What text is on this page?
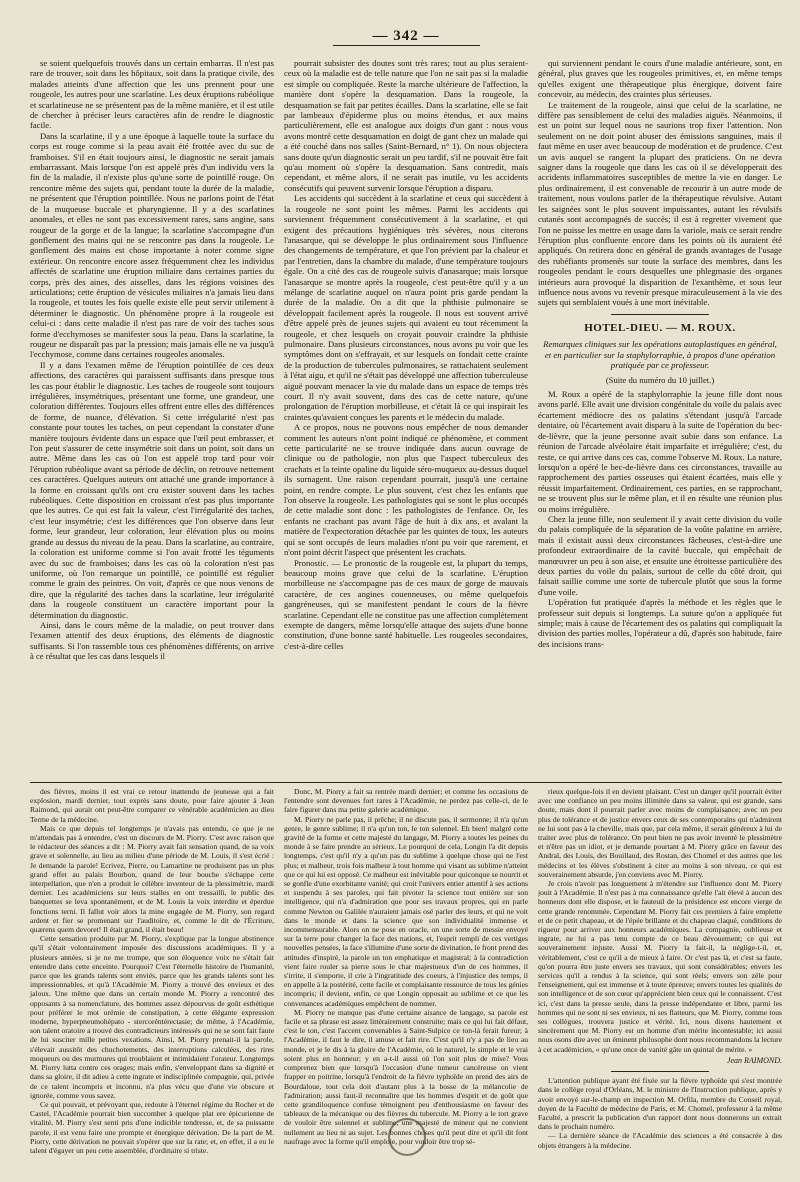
— 342 —

se soient quelquefois trouvés dans un certain embarras. Il n'est pas rare de trouver, soit dans les hôpitaux, soit dans la pratique civile, des malades atteints d'une affection que les uns prennent pour une rougeole, les autres pour une scarlatine. Les deux éruptions rubéolique et scarlatineuse ne se présentent pas de la même manière, et il est utile de chercher à préciser leurs caractères afin de rendre le diagnostic facile.

Dans la scarlatine, il y a une époque à laquelle toute la surface du corps est rouge comme si la peau avait été frottée avec du suc de framboises. S'il en était toujours ainsi, le diagnostic ne serait jamais embarrassant. Mais lorsque l'on est appelé près d'un individu vers la fin de la maladie, il n'existe plus qu'une sorte de pointillé rouge. On rencontre même des sujets qui, pendant toute la durée de la maladie, ne présentent que l'éruption pointillée. Nous ne parlons point de l'état de la muqueuse buccale et pharyngienne. Il y a des scarlatines anomales, et elles ne sont pas excessivement rares, sans angine, sans rougeur de la gorge et de la langue; la scarlatine s'accompagne d'un gonflement des mains qui ne se rencontre pas dans la rougeole. Le gonflement des mains est chose importante à noter comme signe extérieur. On rencontre encore assez fréquemment chez les individus affectés de scarlatine une éruption miliaire dans certaines parties du corps, près des aines, des aisselles, dans les régions voisines des articulations; cette éruption de vésicules miliaires n'a jamais lieu dans la rougeole, et toutes les fois quelle existe elle peut servir utilement à déterminer le diagnostic. Un phénomène propre à la rougeole est celui-ci : dans cette maladie il n'est pas rare de voir des taches sous forme d'ecchymoses se manifester sous la peau. Dans la scarlatine, la rougeur ne disparaît pas par la pression; mais jamais elle ne va jusqu'à l'ecchymose, comme dans certaines rougeoles anomales.

Il y a dans l'examen même de l'éruption pointillée de ces deux affections, des caractères qui paraissent suffisants dans presque tous les cas pour établir le diagnostic. Les taches de rougeole sont toujours irrégulières, insymétriques, présentant une forme, une grandeur, une coloration différentes. Toujours elles offrent entre elles des différences de forme, de nuance, d'élévation. Si cette irrégularité n'est pas constante pour toutes les taches, on peut cependant la constater d'une manière toujours évidente dans un espace que l'œil peut embrasser, et l'on peut s'assurer de cette insymétrie soit dans un point, soit dans un autre. Même dans les cas où l'on est appelé trop tard pour voir l'éruption rubéolique avant sa période de déclin, on retrouve nettement ces caractères. Quelques auteurs ont attaché une grande importance à la forme en croissant qu'ils ont cru exister souvent dans les taches rubéoliques. Cette disposition en croissant n'est pas plus importante que les autres. Ce qui est fait la valeur, c'est l'irrégularité des taches, c'est leur insymétrie; c'est les différences que l'on observe dans leur forme, leur grandeur, leur coloration, leur élévation plus ou moins grande au dessus du niveau de la peau. Dans la scarlatine, au contraire, la coloration est uniforme comme si l'on avait frotté les téguments avec du suc de framboises; dans les cas où la coloration n'est pas uniforme, où l'on remarque un pointillé, ce pointillé est régulier comme le grain des peintres. On voit, d'après ce que nous venons de dire, que la régularité des taches dans la scarlatine, leur irrégularité dans la rougeole constituent un caractère important pour la détermination du diagnostic.

Ainsi, dans le cours même de la maladie, on peut trouver dans l'examen attentif des deux éruptions, des éléments de diagnostic suffisants. Si l'on rassemble tous ces phénomènes différents, on arrive à ce résultat que les cas dans lesquels il

pourrait subsister des doutes sont très rares; tout au plus seraient-ceux où la maladie est de telle nature que l'on ne sait pas si la maladie est simple ou compliquée. Reste la marche ultérieure de l'affection, la manière dont s'opère la desquamation. Dans la rougeole, la desquamation se fait par petites écailles. Dans la scarlatine, elle se fait par lambeaux d'épiderme plus ou moins étendus, et aux mains particulièrement, elle est analogue aux doigts d'un gant : nous vous avons montré cette desquamation en doigt de gant chez un malade qui a été couché dans nos salles (Saint-Bernard, n° 1). On nous objectera sans doute qu'un diagnostic serait un peu tardif, s'il ne pouvait être fait qu'au moment où s'opère la desquamation. Sans contredit, mais cependant, et même alors, il ne serait pas inutile, vu les accidents consécutifs qui peuvent survenir lorsque l'éruption a disparu.

Les accidents qui succèdent à la scarlatine et ceux qui succèdent à la rougeole ne sont point les mêmes. Parmi les accidents qui surviennent fréquemment consécutivement à la scarlatine, et qui exigent des précautions hygiéniques très sévères, nous citerons l'anasarque, qui se développe le plus ordinairement sous l'influence des changements de température, et que l'on prévient par la chaleur et par l'entretien, dans la chambre du malade, d'une température toujours égale. On a cité des cas de rougeole suivis d'anasarque; mais lorsque l'anasarque se montre après la rougeole, c'est peut-être qu'il y a un mélange de scarlatine auquel on n'aura point pris garde pendant la durée de la maladie. On a dit que la phthisie pulmonaire se développait facilement après la rougeole. Il nous est souvent arrivé d'être appelé près de jeunes sujets qui avaient eu tout récemment la rougeole, et chez lesquels on croyait pouvoir craindre la phthisie pulmonaire. Dans plusieurs circonstances, nous avons pu voir que les symptômes dont on s'effrayait, et sur lesquels on fondait cette crainte de la production de tubercules pulmonaires, se rattachaient seulement à l'état aigu, et qu'il ne s'était pas développé une affection tuberculeuse aiguë pouvant menacer la vie du malade dans un espace de temps très court. Il n'y avait souvent, dans des cas de cette nature, qu'une prolongation de l'éruption morbilleuse, et c'était là ce qui inspirait les craintes qu'avaient conçues les parents et le médecin du malade.

A ce propos, nous ne pouvons nous empêcher de nous demander comment les auteurs n'ont point indiqué ce phénomène, et comment cette particularité ne se trouve indiquée dans aucun ouvrage de clinique ou de pathologie, non plus que l'aspect tuberculeux des crachats et la teinte opaline du liquide séro-muqueux au-dessus duquel ils surnagent. Une raison cependant pourrait, jusqu'à une certaine point, en rendre compte. Le plus souvent, c'est chez les enfants que l'on observe la rougeole. Les pathologistes qui se sont le plus occupés de cette maladie sont donc : les pathologistes de l'enfance. Or, les enfants ne crachant pas avant l'âge de huit à dix ans, et avalant la matière de l'expectoration détachée par les quintes de toux, les auteurs qui se sont occupés de leurs maladies n'ont pu voir que rarement, et n'ont point décrit l'aspect que présentent les crachats.

Pronostic. — Le pronostic de la rougeole est, la plupart du temps, beaucoup moins grave que celui de la scarlatine. L'éruption morbilleuse ne s'accompagne pas de ces maux de gorge de mauvais caractère, de ces angines couenneuses, ou même quelquefois gangréneuses, qui se manifestent pendant le cours de la fièvre scarlatine. Cependant elle ne constitue pas une affection complètement exempte de dangers, même lorsqu'elle attaque des sujets d'une bonne constitution, d'une bonne santé habituelle. Les rougeoles secondaires, c'est-à-dire celles

qui surviennent pendant le cours d'une maladie antérieure, sont, en général, plus graves que les rougeoles primitives, et, en même temps qu'elles exigent une thérapeutique plus énergique, doivent faire concevoir, au médecin, des craintes plus sérieuses.

Le traitement de la rougeole, ainsi que celui de la scarlatine, ne diffère pas sensiblement de celui des maladies aiguës. Néanmoins, il est un point sur lequel nous ne saurions trop fixer l'attention. Non seulement on ne doit point abuser des émissions sanguines, mais il faut même en user avec beaucoup de modération et de prudence. C'est un avis auquel se rangent la plupart des praticiens. On ne devra saigner dans la rougeole que dans les cas où il se développerait des accidents inflammatoires susceptibles de mettre la vie en danger. Le plus ordinairement, il est convenable de recourir à un autre mode de traitement, nous voulons parler de la thérapeutique révulsive. Autant les saignées sont le plus souvent impuissantes, autant les révulsifs cutanés sont accompagnés de succès; il est à regretter vivement que l'on ne puisse les mettre en usage dans la variole, mais ce serait rendre l'éruption plus confluente encore dans les points où ils auraient été appliqués. On retirera donc en général de grands avantages de l'usage des rubéfiants promenés sur toute la surface des membres, dans les rougeoles pendant le cours desquelles une phlegmasie des organes intérieurs aura provoqué la disparition de l'exanthème, et sous leur influence nous avons vu revenir presque miraculeusement à la vie des sujets qui semblaient voués à une mort inévitable.

HOTEL-DIEU. — M. ROUX.
Remarques cliniques sur les opérations autoplastiques en général, et en particulier sur la staphylorraphie, à propos d'une opération pratiquée par ce professeur.
(Suite du numéro du 10 juillet.)

M. Roux a opéré de la staphylorraphie la jeune fille dont nous avons parlé. Elle avait une division congénitale du voile du palais avec écartement médiocre des os palatins s'étendant jusqu'à l'arcade dentaire, où l'écartement avait disparu à la suite de l'opération du bec-de-lièvre, que la jeune personne avait subie dans son enfance. La réunion de l'arcade alvéolaire était imparfaite et irrégulière; c'est, du reste, ce qui arrive dans ces cas, comme l'observe M. Roux. La nature, lorsqu'on a opéré le bec-de-lièvre dans ces circonstances, travaille au rapprochement des parties osseuses qui étaient écartées, mais elle y réussit imparfaitement. Ordinairement, ces parties, en se rapprochant, ne se trouvent plus sur le même plan, et il en résulte une réunion plus ou moins irrégulière.

Chez la jeune fille, non seulement il y avait cette division du voile du palais compliquée de la séparation de la voûte palatine en arrière, mais il existait aussi deux circonstances fâcheuses, c'est-à-dire une profondeur extraordinaire de la cavité buccale, qui empêchait de manœuvrer un peu à son aise, et ensuite une étroitesse particulière des deux parties du voile du palais, surtout de celle du côté droit, qui faisait saillie comme une sorte de tubercule plutôt que sous la forme d'une voile.

L'opération fut pratiquée d'après la méthode et les règles que le professeur suit depuis si longtemps. La suture qu'on a appliquée fut simple; mais à cause de l'écartement des os palatins qui compliquait la division des parties molles, l'opérateur a dû, d'après son habitude, faire des incisions trans-

des fièvres, moins il est vrai ce retour inattendu de jeunesse qui a fait explosion, mardi dernier, tout exprès sans doute, pour faire ajouter à Jean Raimond, qui aurait ont peut-être comparer ce vénérable académicien au dieu Terme de la médecine.

Mais ce que depuis tel longtemps je n'avais pas entendu, ce que je ne m'attendais pas à entendre, c'est un discours de M. Piorry. C'est avec raison que le rédacteur des séances a dit : M. Piorry avait fait sensation quand, de sa voix grave et solennelle, au lieu au milieu d'une période de M. Louis, il s'est écrié : Je demande la parole! Ecrivez, Pierre, ou Lamartine ne produisent pas un plus grand effet au palais Bourbon, quand de leur bouche s'échappe cette interpellation, que n'en a produit le célèbre inventeur de la plessimétrie, mardi dernier. Les académiciens sur leurs stalles en ont tressailli, le public des banquettes se leva spontanément, et de M. Louis la voix interdite et éperdue fonctions terni. Il fallut voir alors la mine engagée de M. Piorry, son regard ardent et fier se promenant sur l'auditoire, et, comme le dit de l'Écriture, quærens quem devoret! Il était grand, il était beau!

Cette sensation produite par M. Piorry, s'explique par la longue abstinence qu'il s'était volontairement imposée des discussions académiques. Il y a plusieurs années, si je ne me trompe, que son éloquence voix ne s'était fait entendre dans cette enceinte. Pourquoi? C'est l'éternelle histoire de l'humanité, parce que les grands talents sont enviés, parce que les grands talents sont les impressionnables, et qu'à l'Académie M. Piorry a trouvé des envieux et des jaloux. Une même que dans un certain monde M. Piorry a rencontré des opposants à sa nomenclature, des hommes assez dépourvus de goût esthétique pour préférer le mot urémie de constipation, à cette élégante expression moderne, hyperpneumohépato - stercoréntérectasie; de même, à l'Académie, son talent oratoire a trouvé des contradicteurs intéressés qui ne se sont fait faute de lui susciter mille petites vexations. Ainsi, M. Piorry prenait-il la parole, s'élevait aussitôt des chuchotements, des interruptions calculées, des rires moqueurs ou des murmures qui troublaient et intimidaient l'orateur. Longtemps M. Piorry lutta contre ces orages; mais enfin, s'enveloppant dans sa dignité et dans sa gloire, il dit adieu à cette ingrate et indisciplinée compagnie, qui, privée de ce talent incompris et inconnu, n'a plus vécu que d'une vie obscure et ignorée, comme vous savez.

Ce qui pouvait, et prévoyant que, redoute à l'éternel régime du Rocher et de Castel, l'Académie pourrait bien succomber à quelque plat ere épicurienne de vitalité, M. Piorry s'est senti pris d'une indicible tendresse, et, de sa puissante parole, il est venu faire une prompte et énergique dérivation. De la part de M. Piorry, cette dérivation ne pouvait s'opérer que sur la rate; et, en effet, il a eu le talent d'égayer un peu cette assemblée, d'ordinaire si triste.

Donc, M. Piorry a fait sa rentrée mardi dernier; et comme les occasions de l'entendre sont devenues fort rares à l'Académie, ne perdez pas celle-ci, de le faire figurer dans ma petite galerie académique.

M. Piorry ne parle pas, il prêche; il ne discute pas, il sermonne; il n'a qu'un genre, le genre sublime; il n'a qu'un ton, le ton solennel. Eh bien! malgré cette gravité de la forme et cette majesté du langage, M. Piorry a toutes les peines du monde à se faire prendre au sérieux. Le pourquoi de cela, Longin l'a dit depuis longtemps, c'est qu'il n'y a qu'un pas du sublime à quelque chose qui ne l'est plus; et malheur, trois fois malheur à tout homme qui visant au sublime n'atteint que ce qui lui est opposé. Ce malheur est inévitable pour quiconque se nourrit et se gonfle d'une exorbitante vanité; qui croit l'univers entier attentif à ses actions et suspendu à ses paroles, qui fait pivoter la science tout entière sur son intelligence, qui n'a d'admiration que pour ses travaux propres, qui en parle comme Newton ou Galilée n'auraient jamais osé parler des leurs, et qui ne voit dans le monde et dans la science que son individualité immense et incommensurable. Alors on ne pose en oracle, on une sorte de messie envoyé sur la terre pour changer la face des nations, et, l'esprit rempli de ces vertiges nouvelles pensées, la face s'illumine d'une sorte de divination, le front prend des attitudes d'inspiré, la parole un ton emphatique et magistral; à la contradiction vient faire rouler sa pierre sous le char majestueux d'un de ces hommes, il s'irrite, il s'emporte, il crie à l'ingratitude des coeurs, à l'injustice des temps, il en appelle à la postérité, cette facile et complaisante ressource de tous les génies incompris; il devient, enfin, ce que Longin opposait au sublime et ce que les convenances académiques empêchent de nommer.

M. Piorry ne manque pas d'une certaine aisance de langage, sa parole est facile et sa phrase est assez littérairement construite; mais ce qui lui fait défaut, c'est le ton, c'est l'accent convenables à Saint-Sulpice ce ton-là ferait fureur; à l'Académie, il faut le dire, il amuse et fait rire. C'est qu'il n'y a pas de lieu au monde, et je le dis à la gloire de l'Académie, où le naturel, le simple et le vrai soient plus en honneur; y en a-t-il aussi où l'on soit plus de mise? Vous comprenez bien que lorsqu'à l'occasion d'une tumeur cancéreuse on vient frapper en poitrine, lorsqu'à l'endroit de la fièvre typhoïde on prend des airs de Bourdaloue, tout cela doit d'autant plus à la bosse de la mélancolie de l'admiration; aussi faut-il reconnaître que les hommes d'esprit et de goût que cette grandiloquence confuse témoignent peu d'enthousiasme en faveur des tableaux de la mécanique ou des fièvres du tubercule. M. Piorry a le tort grave de vouloir être solennel et sublime, une majesté de mineur qui ne convient nullement au lieu ni au sujet. Les bonnes choses qu'il peut dire et qu'il dit font naufrage avec la forme qu'il emploie, pour vouloir être trop sé-

rieux quelque-fois il en devient plaisant. C'est un danger qu'il pourrait éviter avec une confiance un peu moins illimitée dans sa valeur, qui est grande, sans doute, mais dont il pourrait parler avec moins de complaisance; avec un peu plus de tolérance et de justice envers ceux de ses contemporains qui n'admirent ne lui sont pas à la cheville, mais que, par cela même, il serait généreux à lui de traiter avec plus de tolérance. On peut bien ne pas avoir inventé le plessimètre et n'être pas un idiot, et je demande pourtant à M. Piorry grâce en faveur des Andral, des Louis, des Bouillaud, des Rostan, des Chomel et des autres que les médecins et les élèves s'obstinent à citer au moins à son niveau, ce qui est souverainement absurde, j'en conviens avec M. Piorry.

Je crois n'avoir pas longuement à m'étendre sur l'influence dont M. Piorry jouit à l'Académie. Il n'est pas à ma connaissance qu'elle l'ait élevé à aucun des honneurs dont elle dispose, et le fauteuil de la présidence est encore vierge de cette grande renommée. Cependant M. Piorry fait ces premiers à faire emplette et de ce petit chapeau, et de l'épée brillante et du chapeau claqué, conditions de rigueur pour arriver aux honneurs académiques. La compagnie, oublieuse et ingrate, ne lui a pas tenu compte de ce beau dévouement; ce qui est souverainement injuste. Aussi M. Piorry la fait-il, la néglige-t-il, et, véritablement, c'est ce qu'il a de mieux à faire. Or c'est pas là, et c'est sa faute, qu'on pourra être juste envers ses travaux, qui sont considérables; envers les services qu'il a rendus à la science, qui sont réels; envers son zèle pour l'enseignement, qui est immense et à toute épreuve; envers toutes les qualités de son intelligence et de son cœur qu'apprécient bien ceux qui le connaissent. C'est ici, c'est dans la presse seule, dans la presse indépendante et libre, parmi les hommes qui ne sont ni ses envieux, ni ses flatteurs, que M. Piorry, comme tous ses collègues, trouvera justice et vérité. Ici, nous disons hautement et sincèrement que M. Piorry est un homme d'un mérite incontestable; ici aussi nous osons dire avec un éminent philosophe dont nous recommandons la lecture à cet académicien, « qu'une once de vanité gâte un quintal de mérite. »

Jean RAIMOND.

L'attention publique ayant été fixée sur la fièvre typhoïde qui s'est montrée dans le collège royal d'Orléans, M. le ministre de l'Instruction publique, après y avoir envoyé sur-le-champ en inspection M. Orfila, membre du Conseil royal, doyen de la Faculté de médecine de Paris, et M. Chomel, professeur à la même Faculté, a prescrit la publication d'un rapport dont nous donnerons un extrait dans le prochain numéro.

— La dernière séance de l'Académie des sciences a été consacrée à des objets étrangers à la médecine.
